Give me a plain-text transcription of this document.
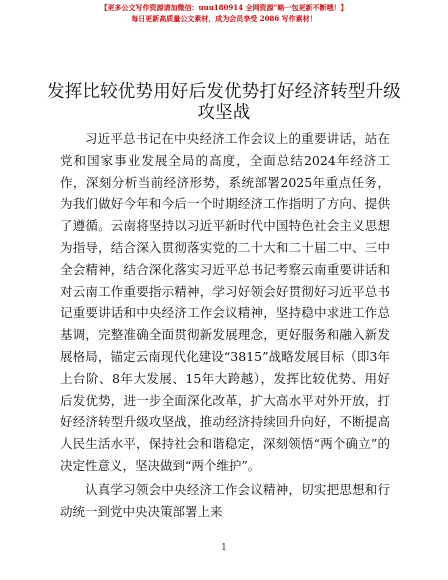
【更多公文写作资源请加微信：uuu180914 全网资源“略一包更新不断哦！】
每日更新高质量公文素材，成为会员享受 2086 写作素材！
发挥比较优势用好后发优势打好经济转型升级攻坚战

习近平总书记在中央经济工作会议上的重要讲话，站在党和国家事业发展全局的高度，全面总结2024年经济工作，深刻分析当前经济形势，系统部署2025年重点任务，为我们做好今年和今后一个时期经济工作指明了方向、提供了遵循。云南将坚持以习近平新时代中国特色社会主义思想为指导，结合深入贯彻落实党的二十大和二十届二中、三中全会精神，结合深化落实习近平总书记考察云南重要讲话和对云南工作重要指示精神，学习好领会好贯彻好习近平总书记重要讲话和中央经济工作会议精神，坚持稳中求进工作总基调，完整准确全面贯彻新发展理念，更好服务和融入新发展格局，锚定云南现代化建设“3815”战略发展目标（即3年上台阶、8年大发展、15年大跨越），发挥比较优势、用好后发优势，进一步全面深化改革，扩大高水平对外开放，打好经济转型升级攻坚战，推动经济持续回升向好，不断提高人民生活水平，保持社会和谐稳定，深刻领悟“两个确立”的决定性意义，坚决做到“两个维护”。

认真学习领会中央经济工作会议精神，切实把思想和行动统一到党中央决策部署上来

1
